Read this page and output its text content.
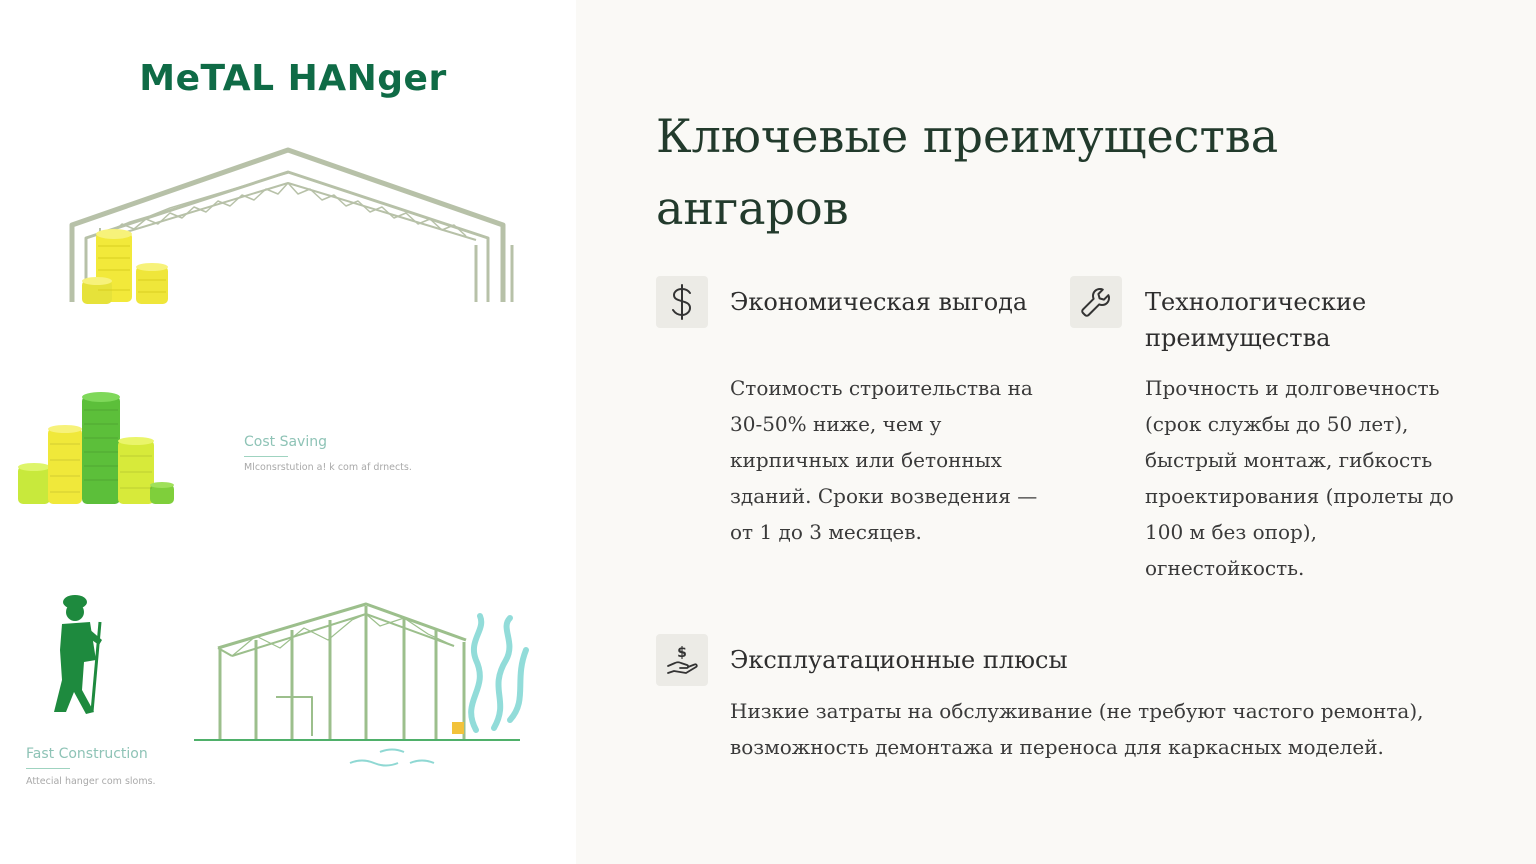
MeTAL HANger
Cost Saving
Mlconsrstution a! k com af drnects.
Fast Construction
Attecial hanger com sloms.
Ключевые преимущества ангаров
Экономическая выгода

Стоимость строительства на 30-50% ниже, чем у кирпичных или бетонных зданий. Сроки возведения — от 1 до 3 месяцев.

Технологические преимущества

Прочность и долговечность (срок службы до 50 лет), быстрый монтаж, гибкость проектирования (пролеты до 100 м без опор), огнестойкость.

$ Эксплуатационные плюсы

Низкие затраты на обслуживание (не требуют частого ремонта), возможность демонтажа и переноса для каркасных моделей.
